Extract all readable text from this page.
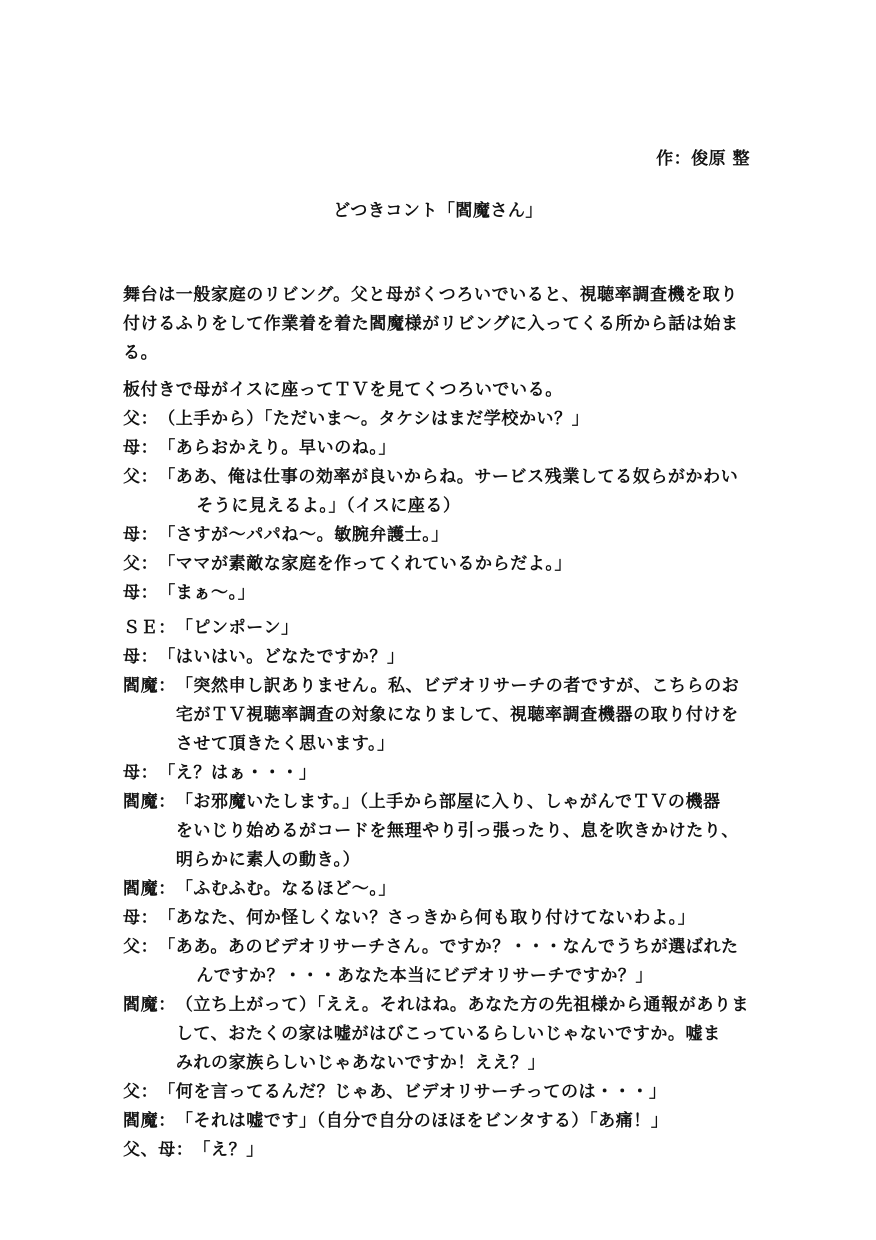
作：俊原 整
どつきコント「閻魔さん」
舞台は一般家庭のリビング。父と母がくつろいでいると、視聴率調査機を取り
付けるふりをして作業着を着た閻魔様がリビングに入ってくる所から話は始ま
る。
板付きで母がイスに座ってＴＶを見てくつろいでいる。
父： （上手から）「ただいま～。タケシはまだ学校かい？」
母： 「あらおかえり。早いのね。」
父： 「ああ、俺は仕事の効率が良いからね。サービス残業してる奴らがかわい
そうに見えるよ。」（イスに座る）
母： 「さすが～パパね～。敏腕弁護士。」
父： 「ママが素敵な家庭を作ってくれているからだよ。」
母： 「まぁ～。」
ＳＥ： 「ピンポーン」
母： 「はいはい。どなたですか？」
閻魔： 「突然申し訳ありません。私、ビデオリサーチの者ですが、こちらのお
宅がＴＶ視聴率調査の対象になりまして、視聴率調査機器の取り付けを
させて頂きたく思います。」
母： 「え？はぁ・・・」
閻魔： 「お邪魔いたします。」（上手から部屋に入り、しゃがんでＴＶの機器
をいじり始めるがコードを無理やり引っ張ったり、息を吹きかけたり、
明らかに素人の動き。）
閻魔： 「ふむふむ。なるほど～。」
母： 「あなた、何か怪しくない？さっきから何も取り付けてないわよ。」
父： 「ああ。あのビデオリサーチさん。ですか？・・・なんでうちが選ばれた
んですか？・・・あなた本当にビデオリサーチですか？」
閻魔： （立ち上がって）「ええ。それはね。あなた方の先祖様から通報がありま
して、おたくの家は嘘がはびこっているらしいじゃないですか。嘘ま
みれの家族らしいじゃあないですか！ええ？」
父： 「何を言ってるんだ？じゃあ、ビデオリサーチってのは・・・」
閻魔： 「それは嘘です」（自分で自分のほほをビンタする）「あ痛！」
父、母： 「え？」
